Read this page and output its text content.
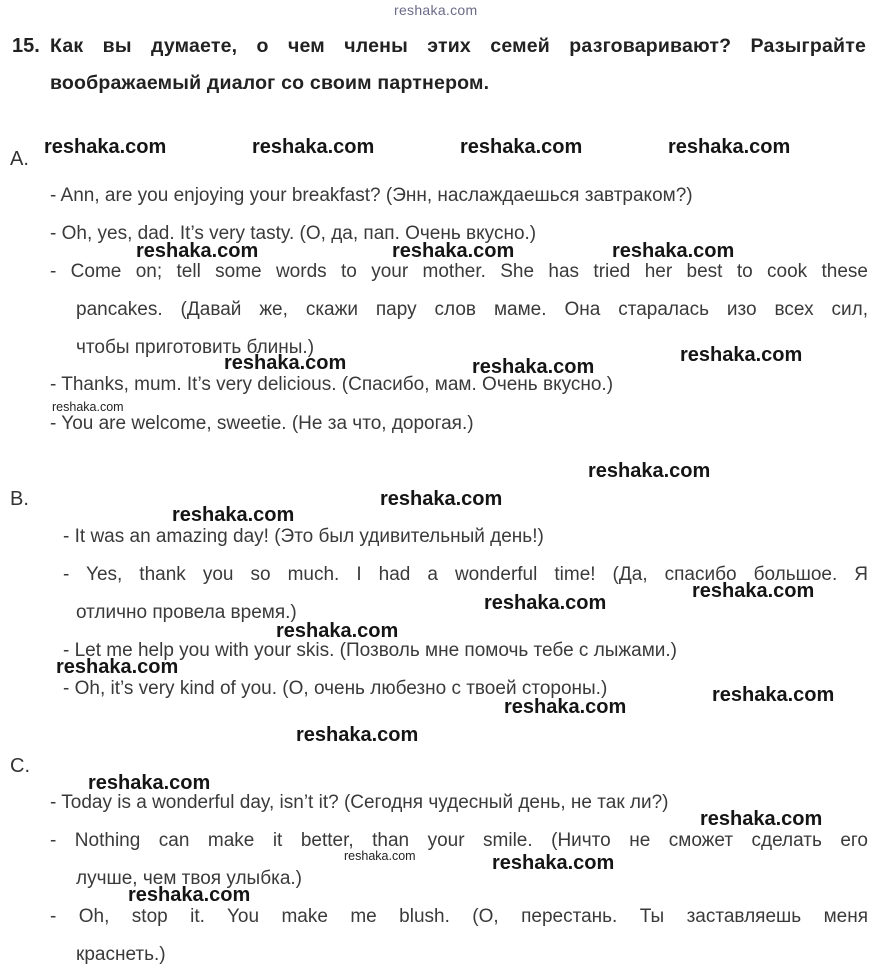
reshaka.com
15. Как вы думаете, о чем члены этих семей разговаривают? Разыграйте
воображаемый диалог со своим партнером.
A.
- Ann, are you enjoying your breakfast? (Энн, наслаждаешься завтраком?)
- Oh, yes, dad. It’s very tasty. (О, да, пап. Очень вкусно.)
- Come on; tell some words to your mother. She has tried her best to cook these
pancakes. (Давай же, скажи пару слов маме. Она старалась изо всех сил,
чтобы приготовить блины.)
- Thanks, mum. It’s very delicious. (Спасибо, мам. Очень вкусно.)
- You are welcome, sweetie. (Не за что, дорогая.)
B.
- It was an amazing day! (Это был удивительный день!)
- Yes, thank you so much. I had a wonderful time! (Да, спасибо большое. Я
отлично провела время.)
- Let me help you with your skis. (Позволь мне помочь тебе с лыжами.)
- Oh, it’s very kind of you. (О, очень любезно с твоей стороны.)
C.
- Today is a wonderful day, isn’t it? (Сегодня чудесный день, не так ли?)
- Nothing can make it better, than your smile. (Ничто не сможет сделать его
лучше, чем твоя улыбка.)
- Oh, stop it. You make me blush. (О, перестань. Ты заставляешь меня
краснеть.)
reshaka.com	reshaka.com	reshaka.com	reshaka.com
reshaka.com	reshaka.com	reshaka.com
reshaka.com
reshaka.com	reshaka.com
reshaka.com
reshaka.com
reshaka.com
reshaka.com
reshaka.com
reshaka.com
reshaka.com
reshaka.com
reshaka.com
reshaka.com
reshaka.com
reshaka.com
reshaka.com
reshaka.com	reshaka.com
reshaka.com
